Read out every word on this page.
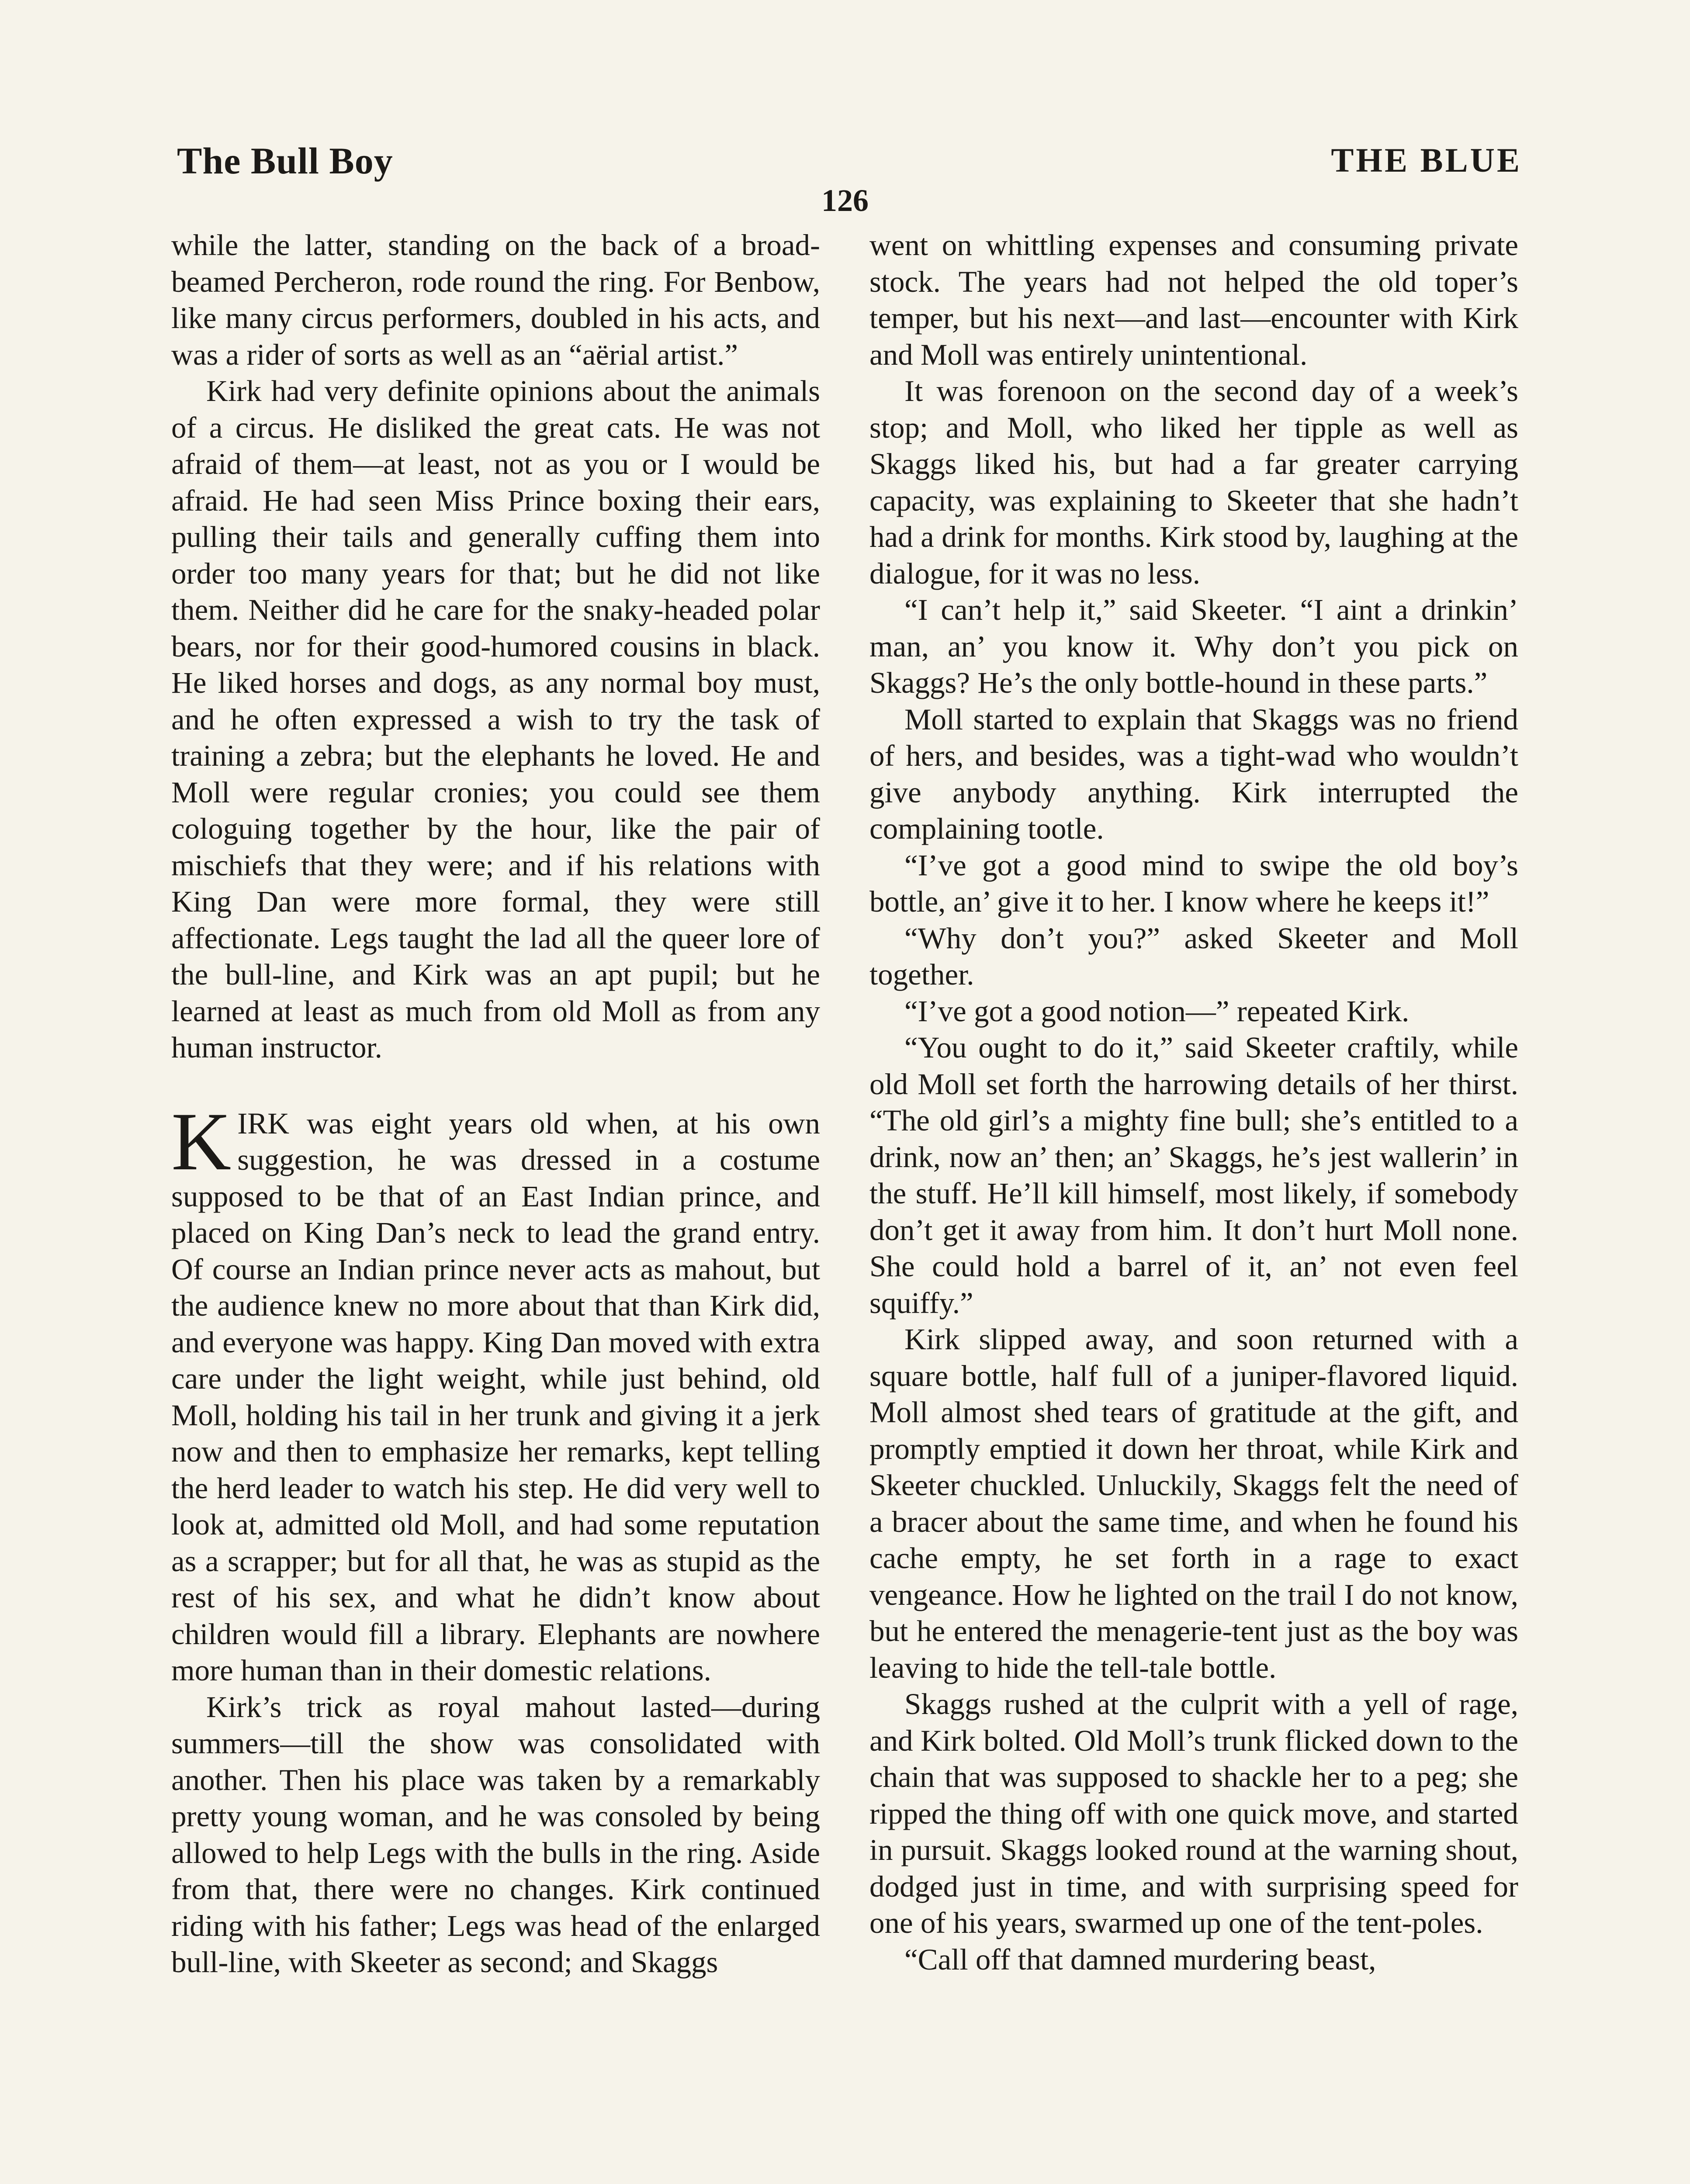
The Bull Boy	THE BLUE
126

while the latter, standing on the back of a broad-beamed Percheron, rode round the ring. For Benbow, like many circus performers, doubled in his acts, and was a rider of sorts as well as an “aërial artist.”

Kirk had very definite opinions about the animals of a circus. He disliked the great cats. He was not afraid of them—at least, not as you or I would be afraid. He had seen Miss Prince boxing their ears, pulling their tails and generally cuffing them into order too many years for that; but he did not like them. Neither did he care for the snaky-headed polar bears, nor for their good-humored cousins in black. He liked horses and dogs, as any normal boy must, and he often expressed a wish to try the task of training a zebra; but the elephants he loved. He and Moll were regular cronies; you could see them cologuing together by the hour, like the pair of mischiefs that they were; and if his relations with King Dan were more formal, they were still affectionate. Legs taught the lad all the queer lore of the bull-line, and Kirk was an apt pupil; but he learned at least as much from old Moll as from any human instructor.

KIRK was eight years old when, at his own suggestion, he was dressed in a costume supposed to be that of an East Indian prince, and placed on King Dan’s neck to lead the grand entry. Of course an Indian prince never acts as mahout, but the audience knew no more about that than Kirk did, and everyone was happy. King Dan moved with extra care under the light weight, while just behind, old Moll, holding his tail in her trunk and giving it a jerk now and then to emphasize her remarks, kept telling the herd leader to watch his step. He did very well to look at, admitted old Moll, and had some reputation as a scrapper; but for all that, he was as stupid as the rest of his sex, and what he didn’t know about children would fill a library. Elephants are nowhere more human than in their domestic relations.

Kirk’s trick as royal mahout lasted—during summers—till the show was consolidated with another. Then his place was taken by a remarkably pretty young woman, and he was consoled by being allowed to help Legs with the bulls in the ring. Aside from that, there were no changes. Kirk continued riding with his father; Legs was head of the enlarged bull-line, with Skeeter as second; and Skaggs

went on whittling expenses and consuming private stock. The years had not helped the old toper’s temper, but his next—and last—encounter with Kirk and Moll was entirely unintentional.

It was forenoon on the second day of a week’s stop; and Moll, who liked her tipple as well as Skaggs liked his, but had a far greater carrying capacity, was explaining to Skeeter that she hadn’t had a drink for months. Kirk stood by, laughing at the dialogue, for it was no less.

“I can’t help it,” said Skeeter. “I aint a drinkin’ man, an’ you know it. Why don’t you pick on Skaggs? He’s the only bottle-hound in these parts.”

Moll started to explain that Skaggs was no friend of hers, and besides, was a tight-wad who wouldn’t give anybody anything. Kirk interrupted the complaining tootle.

“I’ve got a good mind to swipe the old boy’s bottle, an’ give it to her. I know where he keeps it!”

“Why don’t you?” asked Skeeter and Moll together.

“I’ve got a good notion—” repeated Kirk.

“You ought to do it,” said Skeeter craftily, while old Moll set forth the harrowing details of her thirst. “The old girl’s a mighty fine bull; she’s entitled to a drink, now an’ then; an’ Skaggs, he’s jest wallerin’ in the stuff. He’ll kill himself, most likely, if somebody don’t get it away from him. It don’t hurt Moll none. She could hold a barrel of it, an’ not even feel squiffy.”

Kirk slipped away, and soon returned with a square bottle, half full of a juniper-flavored liquid. Moll almost shed tears of gratitude at the gift, and promptly emptied it down her throat, while Kirk and Skeeter chuckled. Unluckily, Skaggs felt the need of a bracer about the same time, and when he found his cache empty, he set forth in a rage to exact vengeance. How he lighted on the trail I do not know, but he entered the menagerie-tent just as the boy was leaving to hide the tell-tale bottle.

Skaggs rushed at the culprit with a yell of rage, and Kirk bolted. Old Moll’s trunk flicked down to the chain that was supposed to shackle her to a peg; she ripped the thing off with one quick move, and started in pursuit. Skaggs looked round at the warning shout, dodged just in time, and with surprising speed for one of his years, swarmed up one of the tent-poles.

“Call off that damned murdering beast,
